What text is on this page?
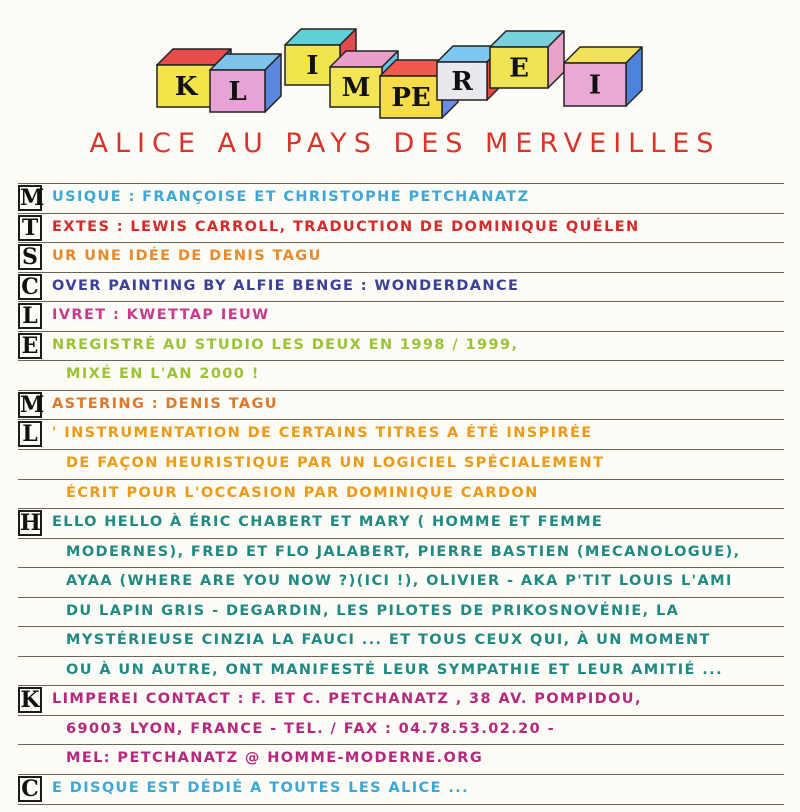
K L
I
M PE
R E
I
ALICE AU PAYS DES MERVEILLES
M USIQUE : FRANÇOISE ET CHRISTOPHE PETCHANATZ
T EXTES : LEWIS CARROLL, TRADUCTION DE DOMINIQUE QUÉLEN
S UR UNE IDÉE DE DENIS TAGU
C OVER PAINTING BY ALFIE BENGE : WONDERDANCE
L IVRET : KWETTAP IEUW
E NREGISTRÉ AU STUDIO LES DEUX EN 1998 / 1999,
MIXÉ EN L'AN 2000 !
M ASTERING : DENIS TAGU
L ' INSTRUMENTATION DE CERTAINS TITRES A ÉTÉ INSPIRÉE
DE FAÇON HEURISTIQUE PAR UN LOGICIEL SPÉCIALEMENT
ÉCRIT POUR L'OCCASION PAR DOMINIQUE CARDON
H ELLO HELLO À ÉRIC CHABERT ET MARY ( HOMME ET FEMME
MODERNES), FRED ET FLO JALABERT, PIERRE BASTIEN (MECANOLOGUE),
AYAA (WHERE ARE YOU NOW ?)(ICI !), OLIVIER - AKA P'TIT LOUIS L'AMI
DU LAPIN GRIS - DEGARDIN, LES PILOTES DE PRIKOSNOVÉNIE, LA
MYSTÉRIEUSE CINZIA LA FAUCI ... ET TOUS CEUX QUI, À UN MOMENT
OU À UN AUTRE, ONT MANIFESTÉ LEUR SYMPATHIE ET LEUR AMITIÉ ...
K LIMPEREI CONTACT : F. ET C. PETCHANATZ , 38 AV. POMPIDOU,
69003 LYON, FRANCE - TEL. / FAX : 04.78.53.02.20 -
MEL: PETCHANATZ @ HOMME-MODERNE.ORG
C E DISQUE EST DÉDIÉ A TOUTES LES ALICE ...
